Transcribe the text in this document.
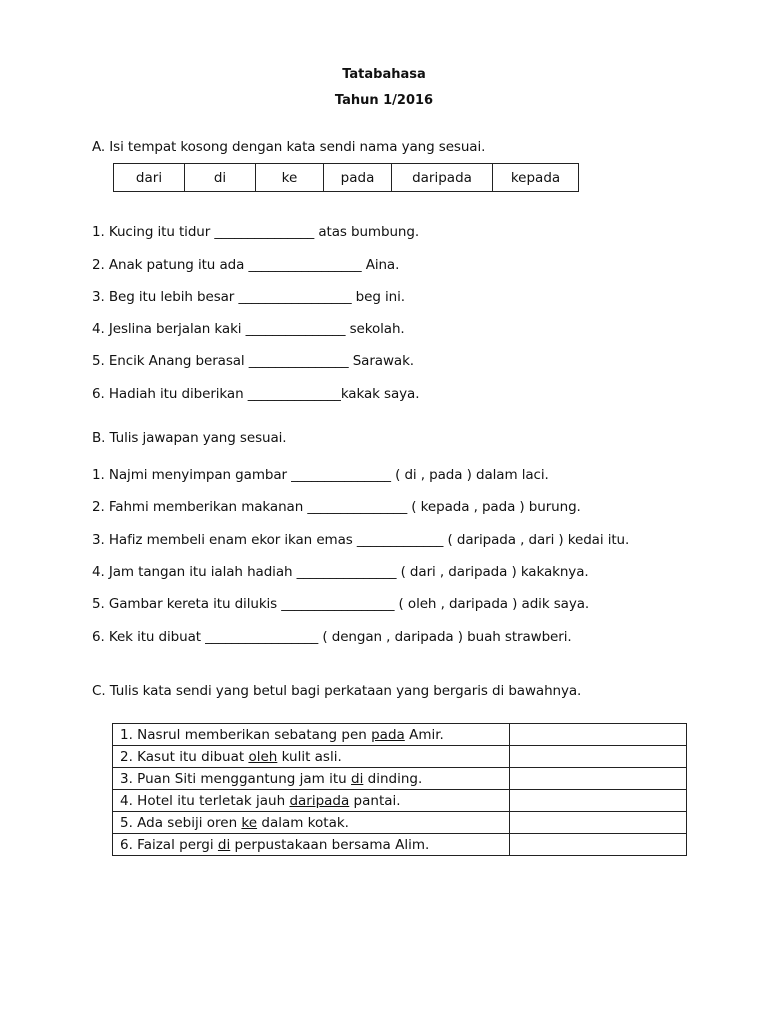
Tatabahasa
Tahun 1/2016
A. Isi tempat kosong dengan kata sendi nama yang sesuai.
dari	di	ke	pada	daripada	kepada
1. Kucing itu tidur _______________ atas bumbung.
2. Anak patung itu ada _________________ Aina.
3. Beg itu lebih besar _________________ beg ini.
4. Jeslina berjalan kaki _______________ sekolah.
5. Encik Anang berasal _______________ Sarawak.
6. Hadiah itu diberikan ______________kakak saya.
B. Tulis jawapan yang sesuai.
1. Najmi menyimpan gambar _______________ ( di , pada ) dalam laci.
2. Fahmi memberikan makanan _______________ ( kepada , pada ) burung.
3. Hafiz membeli enam ekor ikan emas _____________ ( daripada , dari ) kedai itu.
4. Jam tangan itu ialah hadiah _______________ ( dari , daripada ) kakaknya.
5. Gambar kereta itu dilukis _________________ ( oleh , daripada ) adik saya.
6. Kek itu dibuat _________________ ( dengan , daripada ) buah strawberi.
C. Tulis kata sendi yang betul bagi perkataan yang bergaris di bawahnya.
1. Nasrul memberikan sebatang pen pada Amir.	
2. Kasut itu dibuat oleh kulit asli.	
3. Puan Siti menggantung jam itu di dinding.	
4. Hotel itu terletak jauh daripada pantai.	
5. Ada sebiji oren ke dalam kotak.	
6. Faizal pergi di perpustakaan bersama Alim.	
